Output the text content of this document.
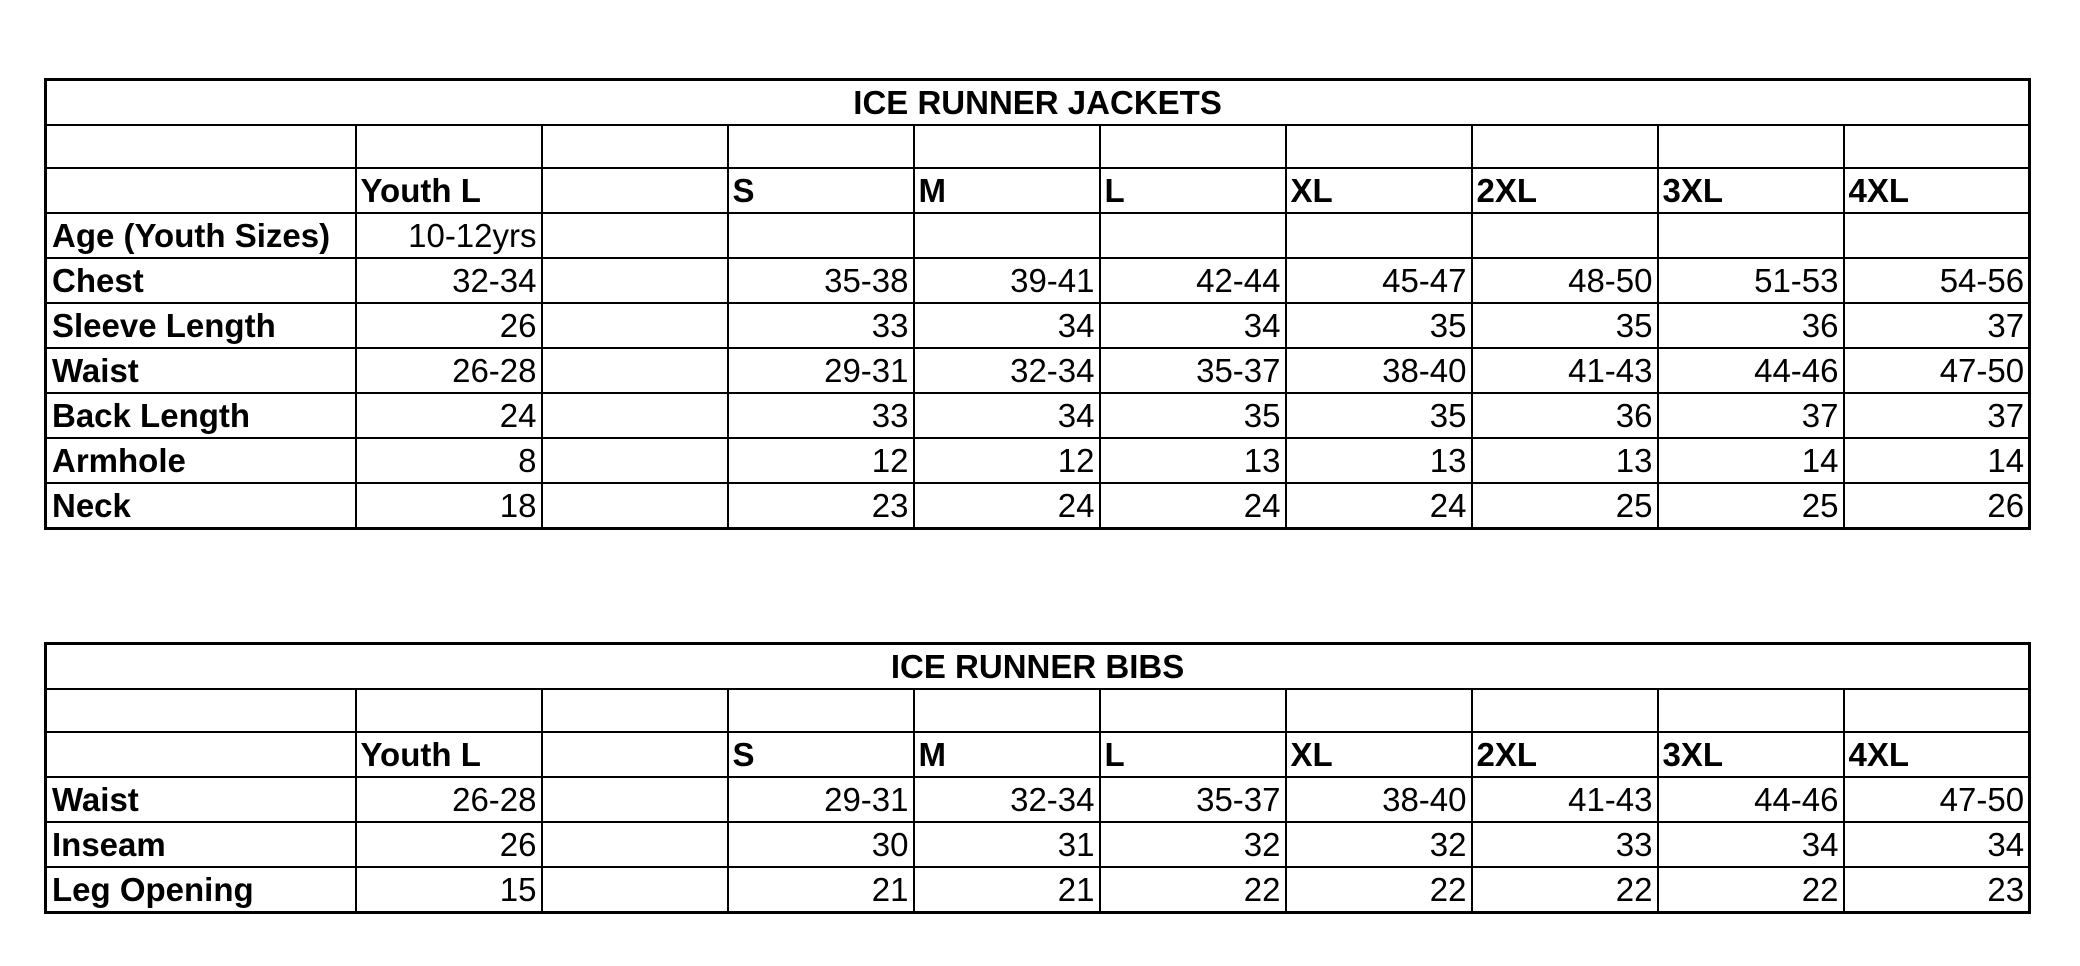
ICE RUNNER JACKETS									

	Youth L		S	M	L	XL	2XL	3XL	4XL
Age (Youth Sizes)	10-12yrs								
Chest	32-34		35-38	39-41	42-44	45-47	48-50	51-53	54-56
Sleeve Length	26		33	34	34	35	35	36	37
Waist	26-28		29-31	32-34	35-37	38-40	41-43	44-46	47-50
Back Length	24		33	34	35	35	36	37	37
Armhole	8		12	12	13	13	13	14	14
Neck	18		23	24	24	24	25	25	26
ICE RUNNER BIBS									

	Youth L		S	M	L	XL	2XL	3XL	4XL
Waist	26-28		29-31	32-34	35-37	38-40	41-43	44-46	47-50
Inseam	26		30	31	32	32	33	34	34
Leg Opening	15		21	21	22	22	22	22	23
